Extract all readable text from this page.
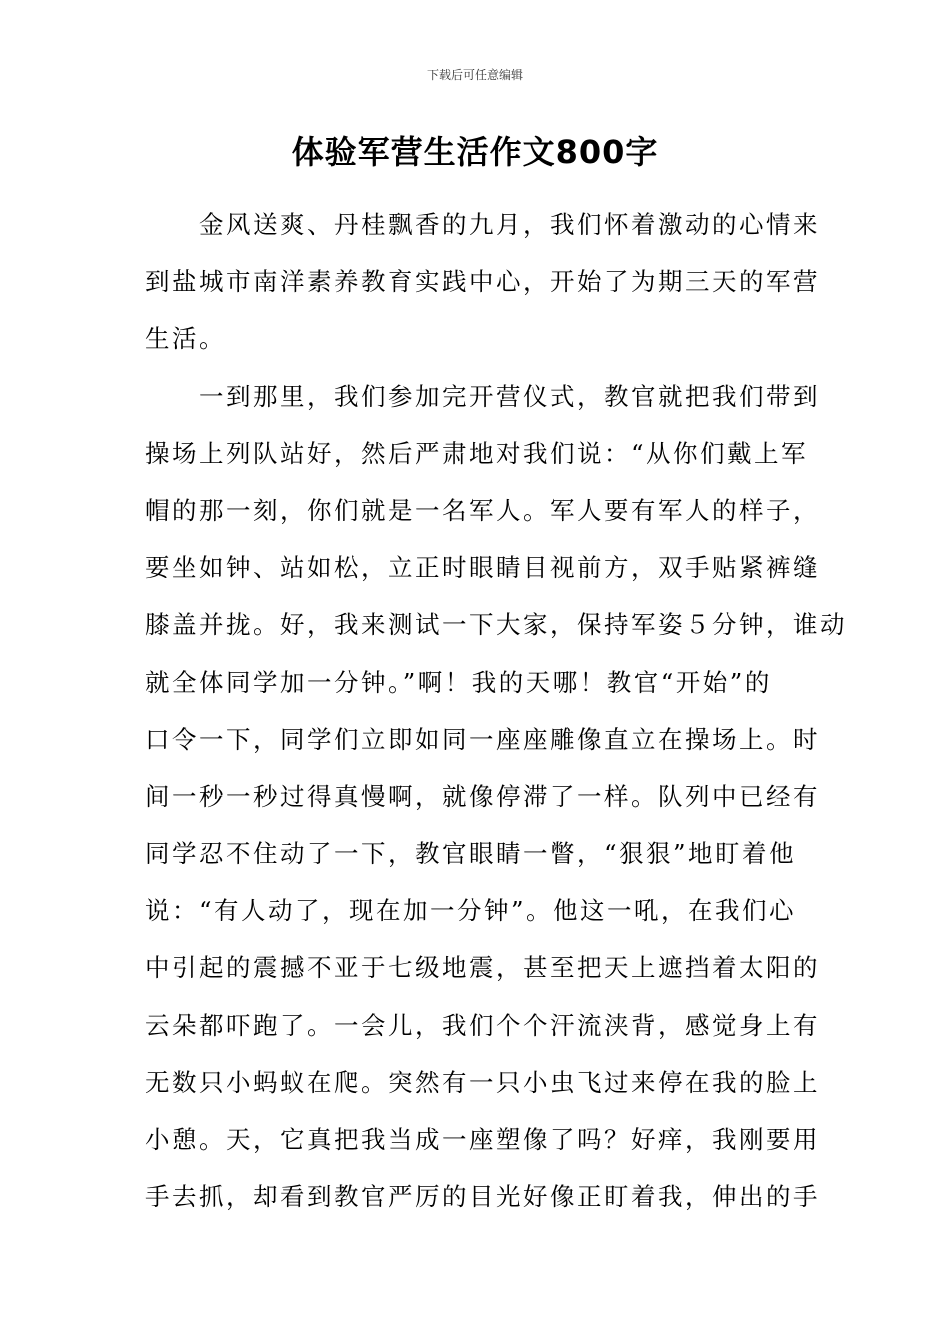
下载后可任意编辑
体验军营生活作文800字
金风送爽、丹桂飘香的九月，我们怀着激动的心情来
到盐城市南洋素养教育实践中心，开始了为期三天的军营
生活。
一到那里，我们参加完开营仪式，教官就把我们带到
操场上列队站好，然后严肃地对我们说：“从你们戴上军
帽的那一刻，你们就是一名军人。军人要有军人的样子，
要坐如钟、站如松，立正时眼睛目视前方，双手贴紧裤缝
膝盖并拢。好，我来测试一下大家，保持军姿５分钟，谁动
就全体同学加一分钟。”啊！我的天哪！教官“开始”的
口令一下，同学们立即如同一座座雕像直立在操场上。时
间一秒一秒过得真慢啊，就像停滞了一样。队列中已经有
同学忍不住动了一下，教官眼睛一瞥，“狠狠”地盯着他
说：“有人动了，现在加一分钟”。他这一吼，在我们心
中引起的震撼不亚于七级地震，甚至把天上遮挡着太阳的
云朵都吓跑了。一会儿，我们个个汗流浃背，感觉身上有
无数只小蚂蚁在爬。突然有一只小虫飞过来停在我的脸上
小憩。天，它真把我当成一座塑像了吗？好痒，我刚要用
手去抓，却看到教官严厉的目光好像正盯着我，伸出的手
